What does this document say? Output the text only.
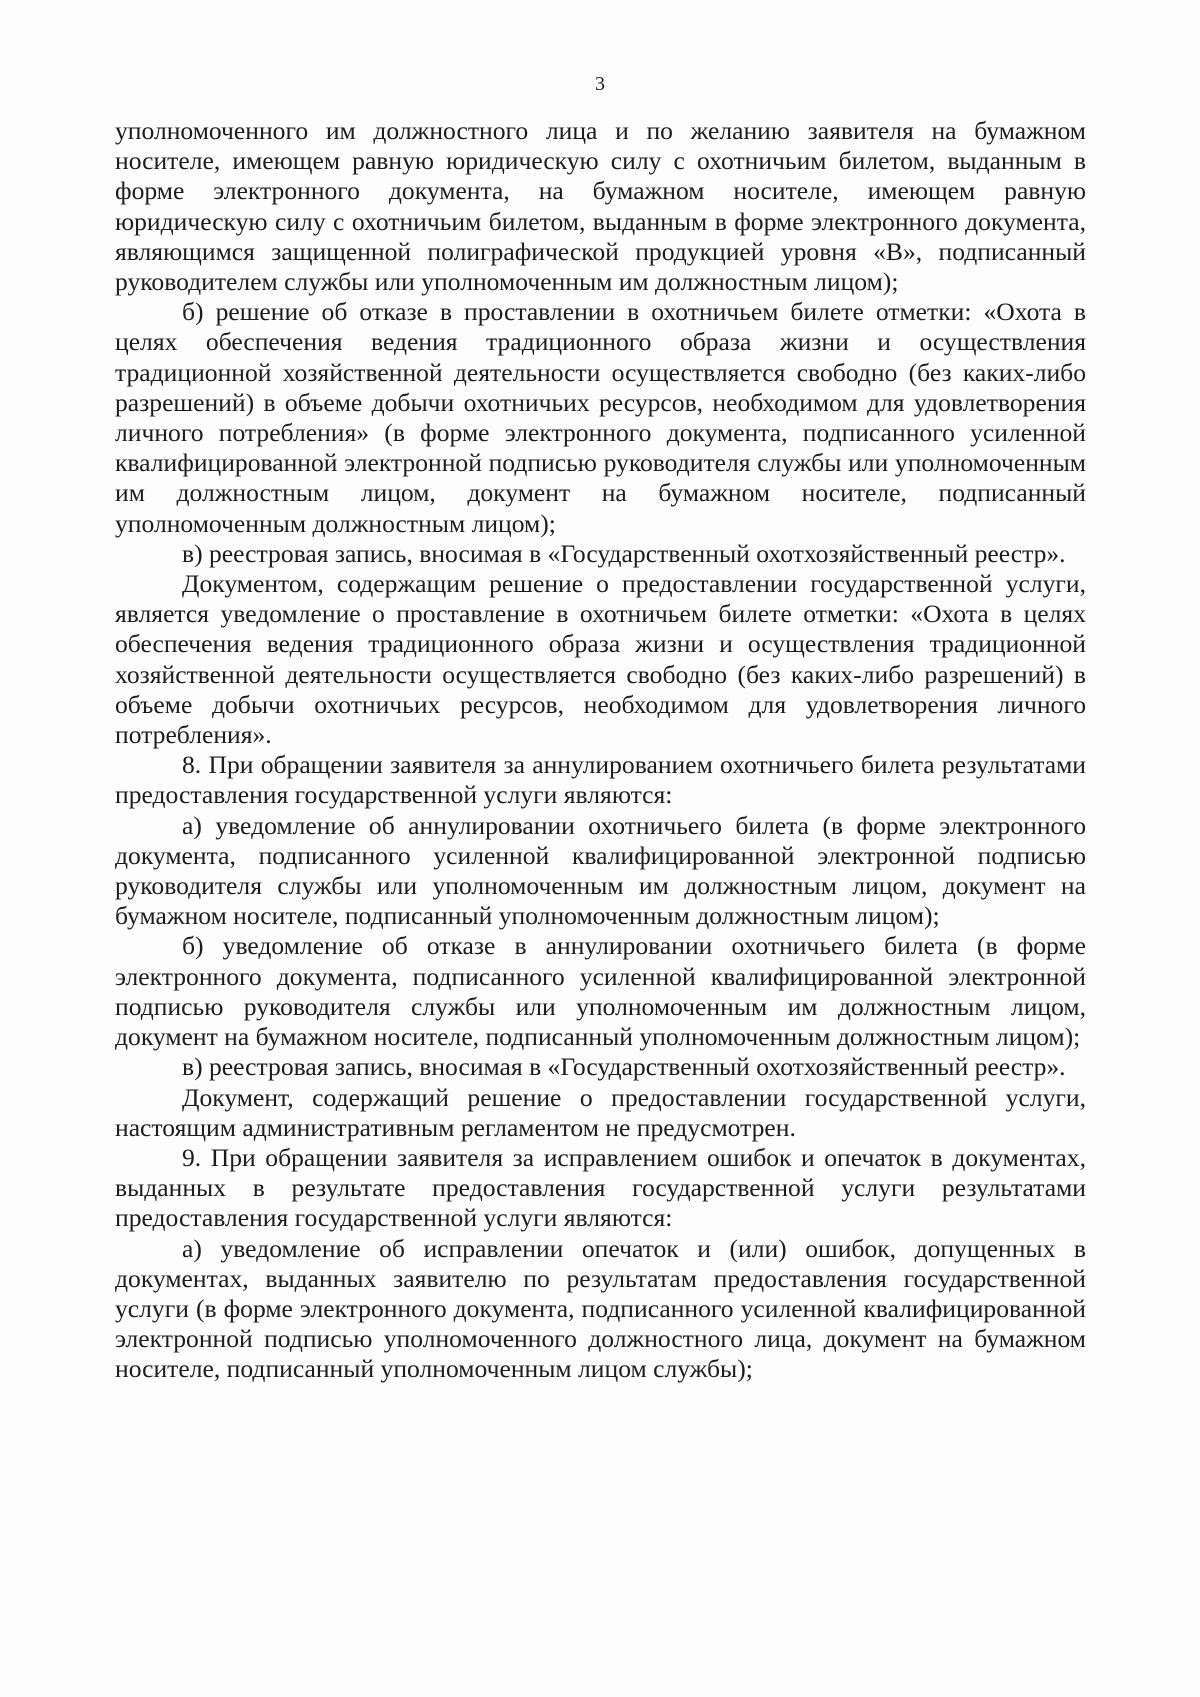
3

уполномоченного им должностного лица и по желанию заявителя на бумажном носителе, имеющем равную юридическую силу с охотничьим билетом, выданным в форме электронного документа, на бумажном носителе, имеющем равную юридическую силу с охотничьим билетом, выданным в форме электронного документа, являющимся защищенной полиграфической продукцией уровня «В», подписанный руководителем службы или уполномоченным им должностным лицом);

б) решение об отказе в проставлении в охотничьем билете отметки: «Охота в целях обеспечения ведения традиционного образа жизни и осуществления традиционной хозяйственной деятельности осуществляется свободно (без каких-либо разрешений) в объеме добычи охотничьих ресурсов, необходимом для удовлетворения личного потребления» (в форме электронного документа, подписанного усиленной квалифицированной электронной подписью руководителя службы или уполномоченным им должностным лицом, документ на бумажном носителе, подписанный уполномоченным должностным лицом);

в) реестровая запись, вносимая в «Государственный охотхозяйственный реестр».

Документом, содержащим решение о предоставлении государственной услуги, является уведомление о проставление в охотничьем билете отметки: «Охота в целях обеспечения ведения традиционного образа жизни и осуществления традиционной хозяйственной деятельности осуществляется свободно (без каких-либо разрешений) в объеме добычи охотничьих ресурсов, необходимом для удовлетворения личного потребления».

8. При обращении заявителя за аннулированием охотничьего билета результатами предоставления государственной услуги являются:

а) уведомление об аннулировании охотничьего билета (в форме электронного документа, подписанного усиленной квалифицированной электронной подписью руководителя службы или уполномоченным им должностным лицом, документ на бумажном носителе, подписанный уполномоченным должностным лицом);

б) уведомление об отказе в аннулировании охотничьего билета (в форме электронного документа, подписанного усиленной квалифицированной электронной подписью руководителя службы или уполномоченным им должностным лицом, документ на бумажном носителе, подписанный уполномоченным должностным лицом);

в) реестровая запись, вносимая в «Государственный охотхозяйственный реестр».

Документ, содержащий решение о предоставлении государственной услуги, настоящим административным регламентом не предусмотрен.

9. При обращении заявителя за исправлением ошибок и опечаток в документах, выданных в результате предоставления государственной услуги результатами предоставления государственной услуги являются:

а) уведомление об исправлении опечаток и (или) ошибок, допущенных в документах, выданных заявителю по результатам предоставления государственной услуги (в форме электронного документа, подписанного усиленной квалифицированной электронной подписью уполномоченного должностного лица, документ на бумажном носителе, подписанный уполномоченным лицом службы);
